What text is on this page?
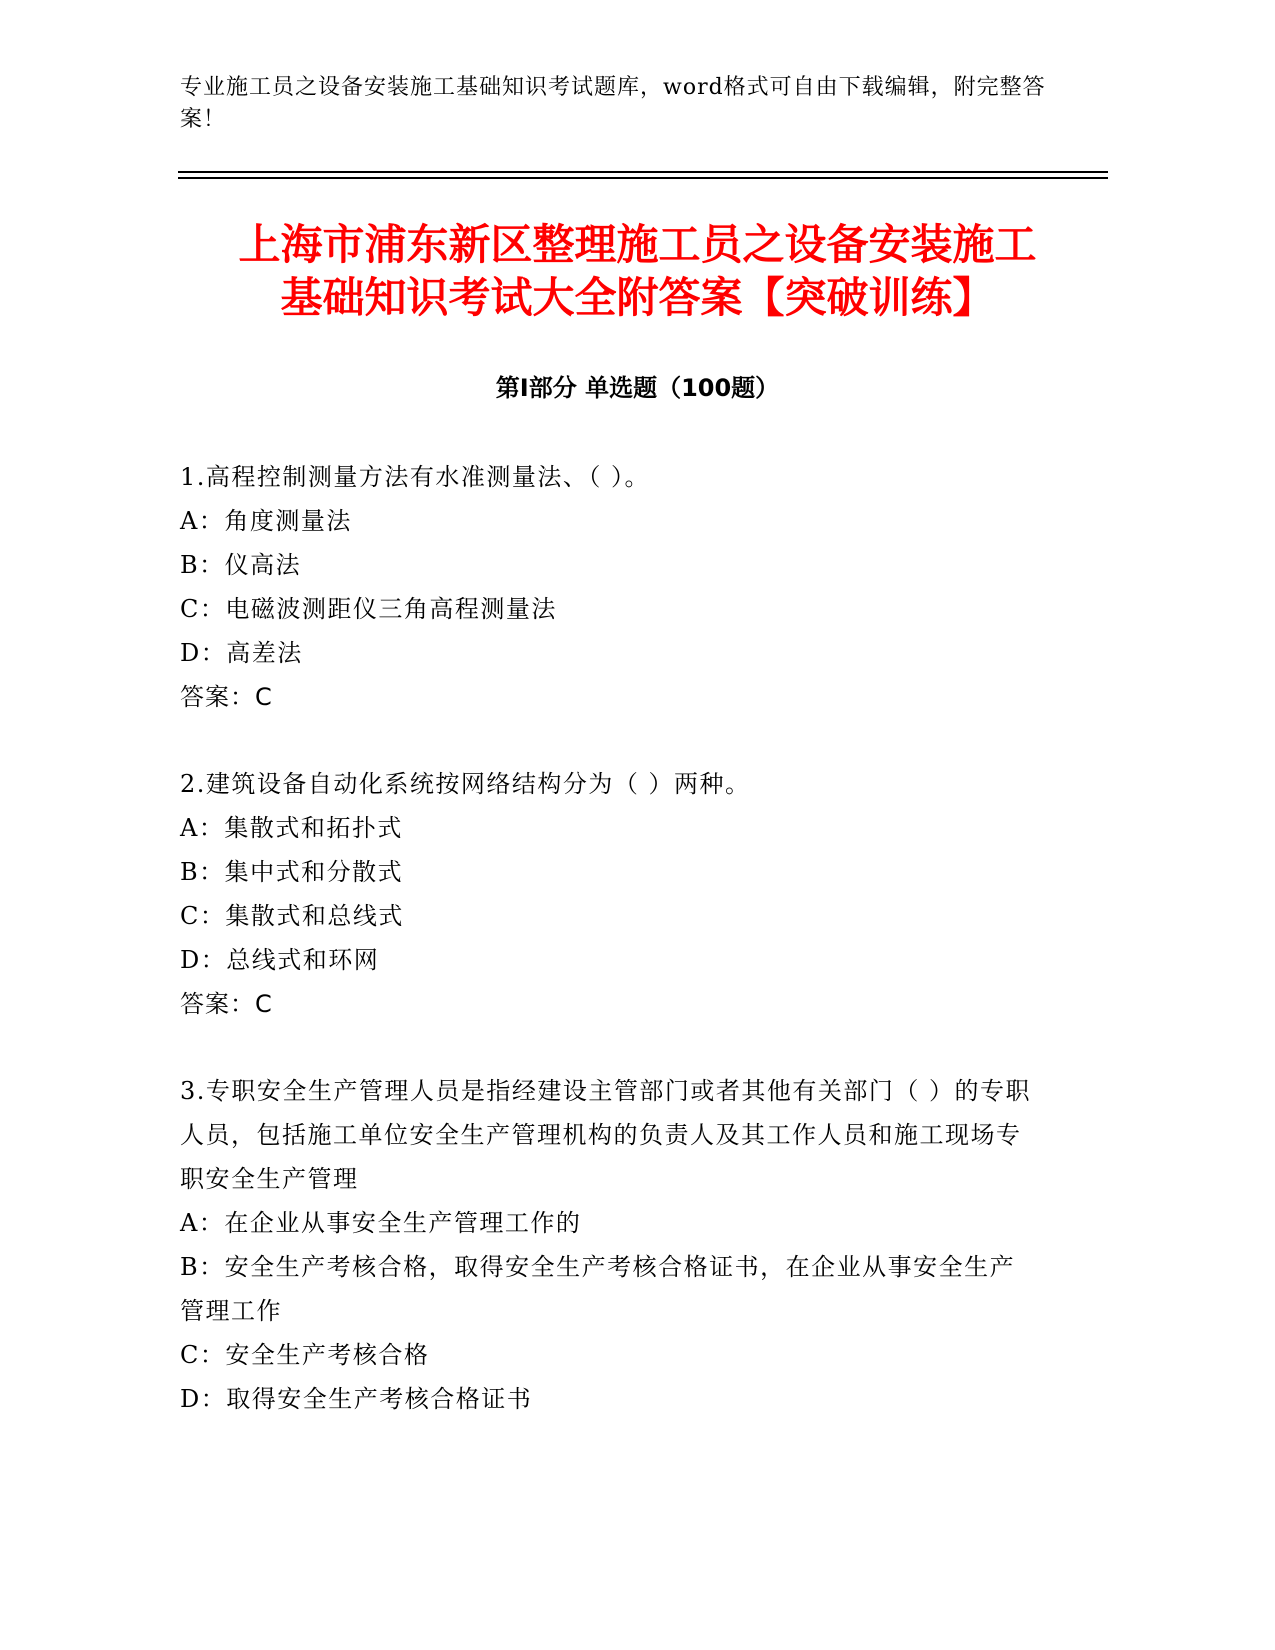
专业施工员之设备安装施工基础知识考试题库，word格式可自由下载编辑，附完整答案！

上海市浦东新区整理施工员之设备安装施工
基础知识考试大全附答案【突破训练】
第Ⅰ部分 单选题（100题）

1.高程控制测量方法有水准测量法、（ ）。

A：角度测量法

B：仪高法

C：电磁波测距仪三角高程测量法

D：高差法

答案：C

2.建筑设备自动化系统按网络结构分为（ ）两种。

A：集散式和拓扑式

B：集中式和分散式

C：集散式和总线式

D：总线式和环网

答案：C

3.专职安全生产管理人员是指经建设主管部门或者其他有关部门（ ）的专职人员，包括施工单位安全生产管理机构的负责人及其工作人员和施工现场专职安全生产管理

A：在企业从事安全生产管理工作的

B：安全生产考核合格，取得安全生产考核合格证书，在企业从事安全生产管理工作

C：安全生产考核合格

D：取得安全生产考核合格证书
